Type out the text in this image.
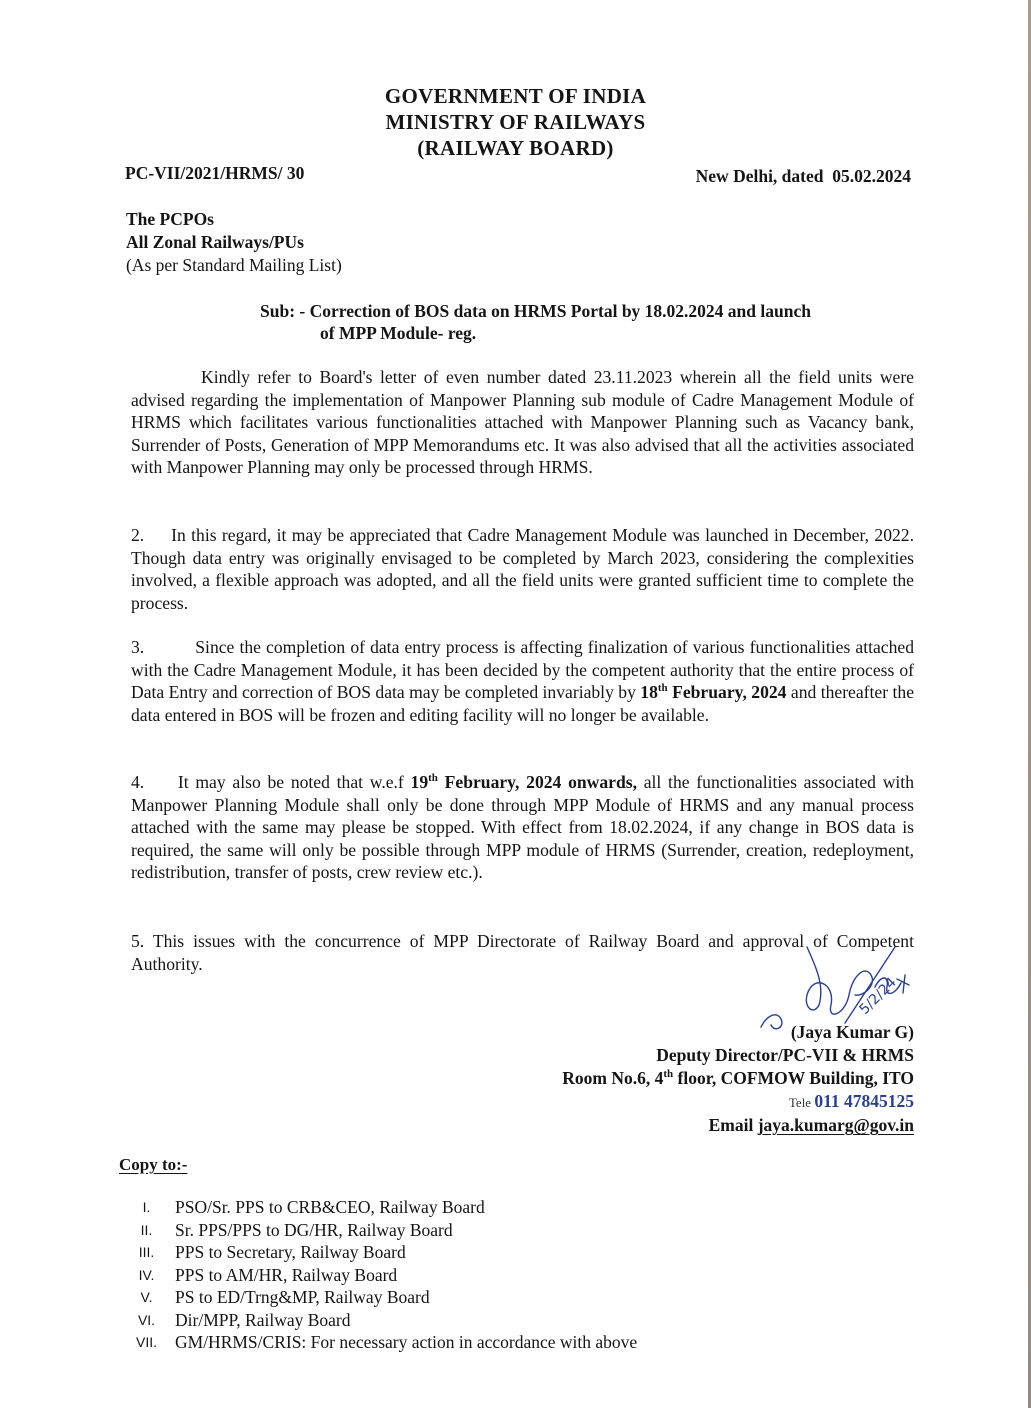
GOVERNMENT OF INDIA
MINISTRY OF RAILWAYS
(RAILWAY BOARD)
PC-VII/2021/HRMS/ 30	New Delhi, dated  05.02.2024
The PCPOs
All Zonal Railways/PUs
(As per Standard Mailing List)
Sub: - Correction of BOS data on HRMS Portal by 18.02.2024 and launch
of MPP Module- reg.

Kindly refer to Board's letter of even number dated 23.11.2023 wherein all the field units were advised regarding the implementation of Manpower Planning sub module of Cadre Management Module of HRMS which facilitates various functionalities attached with Manpower Planning such as Vacancy bank, Surrender of Posts, Generation of MPP Memorandums etc. It was also advised that all the activities associated with Manpower Planning may only be processed through HRMS.

2. In this regard, it may be appreciated that Cadre Management Module was launched in December, 2022. Though data entry was originally envisaged to be completed by March 2023, considering the complexities involved, a flexible approach was adopted, and all the field units were granted sufficient time to complete the process.

3.	Since the completion of data entry process is affecting finalization of various functionalities attached with the Cadre Management Module, it has been decided by the competent authority that the entire process of Data Entry and correction of BOS data may be completed invariably by 18th February, 2024 and thereafter the data entered in BOS will be frozen and editing facility will no longer be available.

4. It may also be noted that w.e.f 19th February, 2024 onwards, all the functionalities associated with Manpower Planning Module shall only be done through MPP Module of HRMS and any manual process attached with the same may please be stopped. With effect from 18.02.2024, if any change in BOS data is required, the same will only be possible through MPP module of HRMS (Surrender, creation, redeployment, redistribution, transfer of posts, crew review etc.).

5. This issues with the concurrence of MPP Directorate of Railway Board and approval of Competent Authority.

5/2/24
(Jaya Kumar G)
Deputy Director/PC-VII & HRMS
Room No.6, 4th floor, COFMOW Building, ITO
Tele 011 47845125
Email jaya.kumarg@gov.in
Copy to:-
I.	PSO/Sr. PPS to CRB&CEO, Railway Board
II.	Sr. PPS/PPS to DG/HR, Railway Board
III.	PPS to Secretary, Railway Board
IV.	PPS to AM/HR, Railway Board
V.	PS to ED/Trng&MP, Railway Board
VI.	Dir/MPP, Railway Board
VII.	GM/HRMS/CRIS: For necessary action in accordance with above
